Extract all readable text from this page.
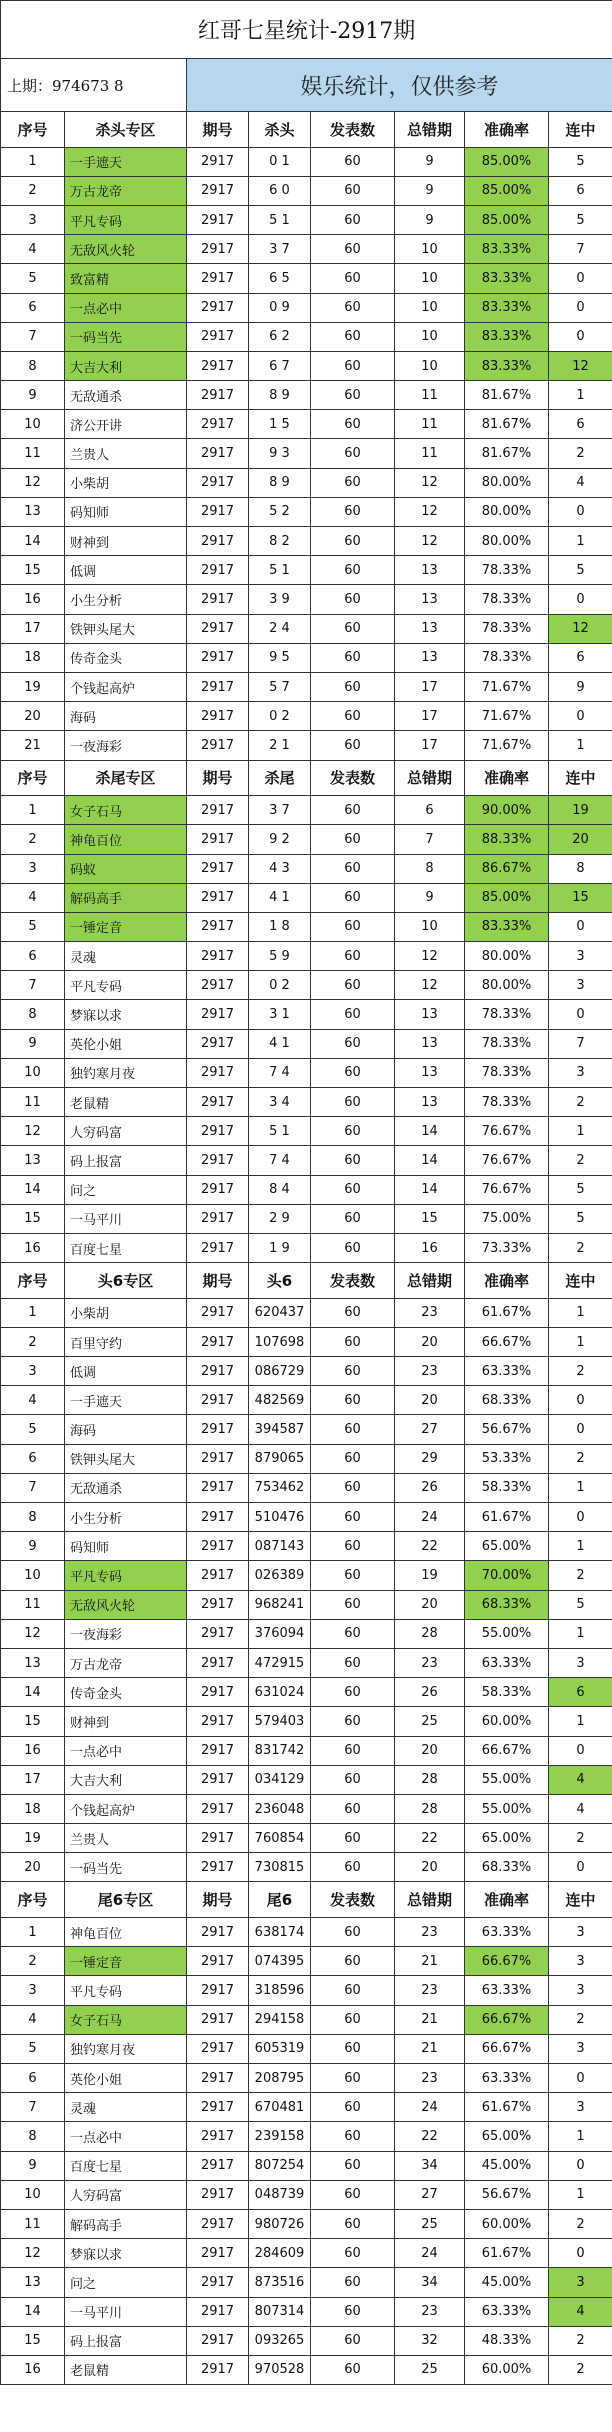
红哥七星统计-2917期							
上期：974673 8		娱乐统计，仅供参考					
序号	杀头专区	期号	杀头	发表数	总错期	准确率	连中
1	一手遮天	2917	0 1	60	9	85.00%	5
2	万古龙帝	2917	6 0	60	9	85.00%	6
3	平凡专码	2917	5 1	60	9	85.00%	5
4	无敌风火轮	2917	3 7	60	10	83.33%	7
5	致富精	2917	6 5	60	10	83.33%	0
6	一点必中	2917	0 9	60	10	83.33%	0
7	一码当先	2917	6 2	60	10	83.33%	0
8	大吉大利	2917	6 7	60	10	83.33%	12
9	无敌通杀	2917	8 9	60	11	81.67%	1
10	济公开讲	2917	1 5	60	11	81.67%	6
11	兰贵人	2917	9 3	60	11	81.67%	2
12	小柴胡	2917	8 9	60	12	80.00%	4
13	码知师	2917	5 2	60	12	80.00%	0
14	财神到	2917	8 2	60	12	80.00%	1
15	低调	2917	5 1	60	13	78.33%	5
16	小生分析	2917	3 9	60	13	78.33%	0
17	铁钾头尾大	2917	2 4	60	13	78.33%	12
18	传奇金头	2917	9 5	60	13	78.33%	6
19	个钱起高炉	2917	5 7	60	17	71.67%	9
20	海码	2917	0 2	60	17	71.67%	0
21	一夜海彩	2917	2 1	60	17	71.67%	1
序号	杀尾专区	期号	杀尾	发表数	总错期	准确率	连中
1	女子石马	2917	3 7	60	6	90.00%	19
2	神龟百位	2917	9 2	60	7	88.33%	20
3	码蚁	2917	4 3	60	8	86.67%	8
4	解码高手	2917	4 1	60	9	85.00%	15
5	一锤定音	2917	1 8	60	10	83.33%	0
6	灵魂	2917	5 9	60	12	80.00%	3
7	平凡专码	2917	0 2	60	12	80.00%	3
8	梦寐以求	2917	3 1	60	13	78.33%	0
9	英伦小姐	2917	4 1	60	13	78.33%	7
10	独钓寒月夜	2917	7 4	60	13	78.33%	3
11	老鼠精	2917	3 4	60	13	78.33%	2
12	人穷码富	2917	5 1	60	14	76.67%	1
13	码上报富	2917	7 4	60	14	76.67%	2
14	问之	2917	8 4	60	14	76.67%	5
15	一马平川	2917	2 9	60	15	75.00%	5
16	百度七星	2917	1 9	60	16	73.33%	2
序号	头6专区	期号	头6	发表数	总错期	准确率	连中
1	小柴胡	2917	620437	60	23	61.67%	1
2	百里守约	2917	107698	60	20	66.67%	1
3	低调	2917	086729	60	23	63.33%	2
4	一手遮天	2917	482569	60	20	68.33%	0
5	海码	2917	394587	60	27	56.67%	0
6	铁钾头尾大	2917	879065	60	29	53.33%	2
7	无敌通杀	2917	753462	60	26	58.33%	1
8	小生分析	2917	510476	60	24	61.67%	0
9	码知师	2917	087143	60	22	65.00%	1
10	平凡专码	2917	026389	60	19	70.00%	2
11	无敌风火轮	2917	968241	60	20	68.33%	5
12	一夜海彩	2917	376094	60	28	55.00%	1
13	万古龙帝	2917	472915	60	23	63.33%	3
14	传奇金头	2917	631024	60	26	58.33%	6
15	财神到	2917	579403	60	25	60.00%	1
16	一点必中	2917	831742	60	20	66.67%	0
17	大吉大利	2917	034129	60	28	55.00%	4
18	个钱起高炉	2917	236048	60	28	55.00%	4
19	兰贵人	2917	760854	60	22	65.00%	2
20	一码当先	2917	730815	60	20	68.33%	0
序号	尾6专区	期号	尾6	发表数	总错期	准确率	连中
1	神龟百位	2917	638174	60	23	63.33%	3
2	一锤定音	2917	074395	60	21	66.67%	3
3	平凡专码	2917	318596	60	23	63.33%	3
4	女子石马	2917	294158	60	21	66.67%	2
5	独钓寒月夜	2917	605319	60	21	66.67%	3
6	英伦小姐	2917	208795	60	23	63.33%	0
7	灵魂	2917	670481	60	24	61.67%	3
8	一点必中	2917	239158	60	22	65.00%	1
9	百度七星	2917	807254	60	34	45.00%	0
10	人穷码富	2917	048739	60	27	56.67%	1
11	解码高手	2917	980726	60	25	60.00%	2
12	梦寐以求	2917	284609	60	24	61.67%	0
13	问之	2917	873516	60	34	45.00%	3
14	一马平川	2917	807314	60	23	63.33%	4
15	码上报富	2917	093265	60	32	48.33%	2
16	老鼠精	2917	970528	60	25	60.00%	2
